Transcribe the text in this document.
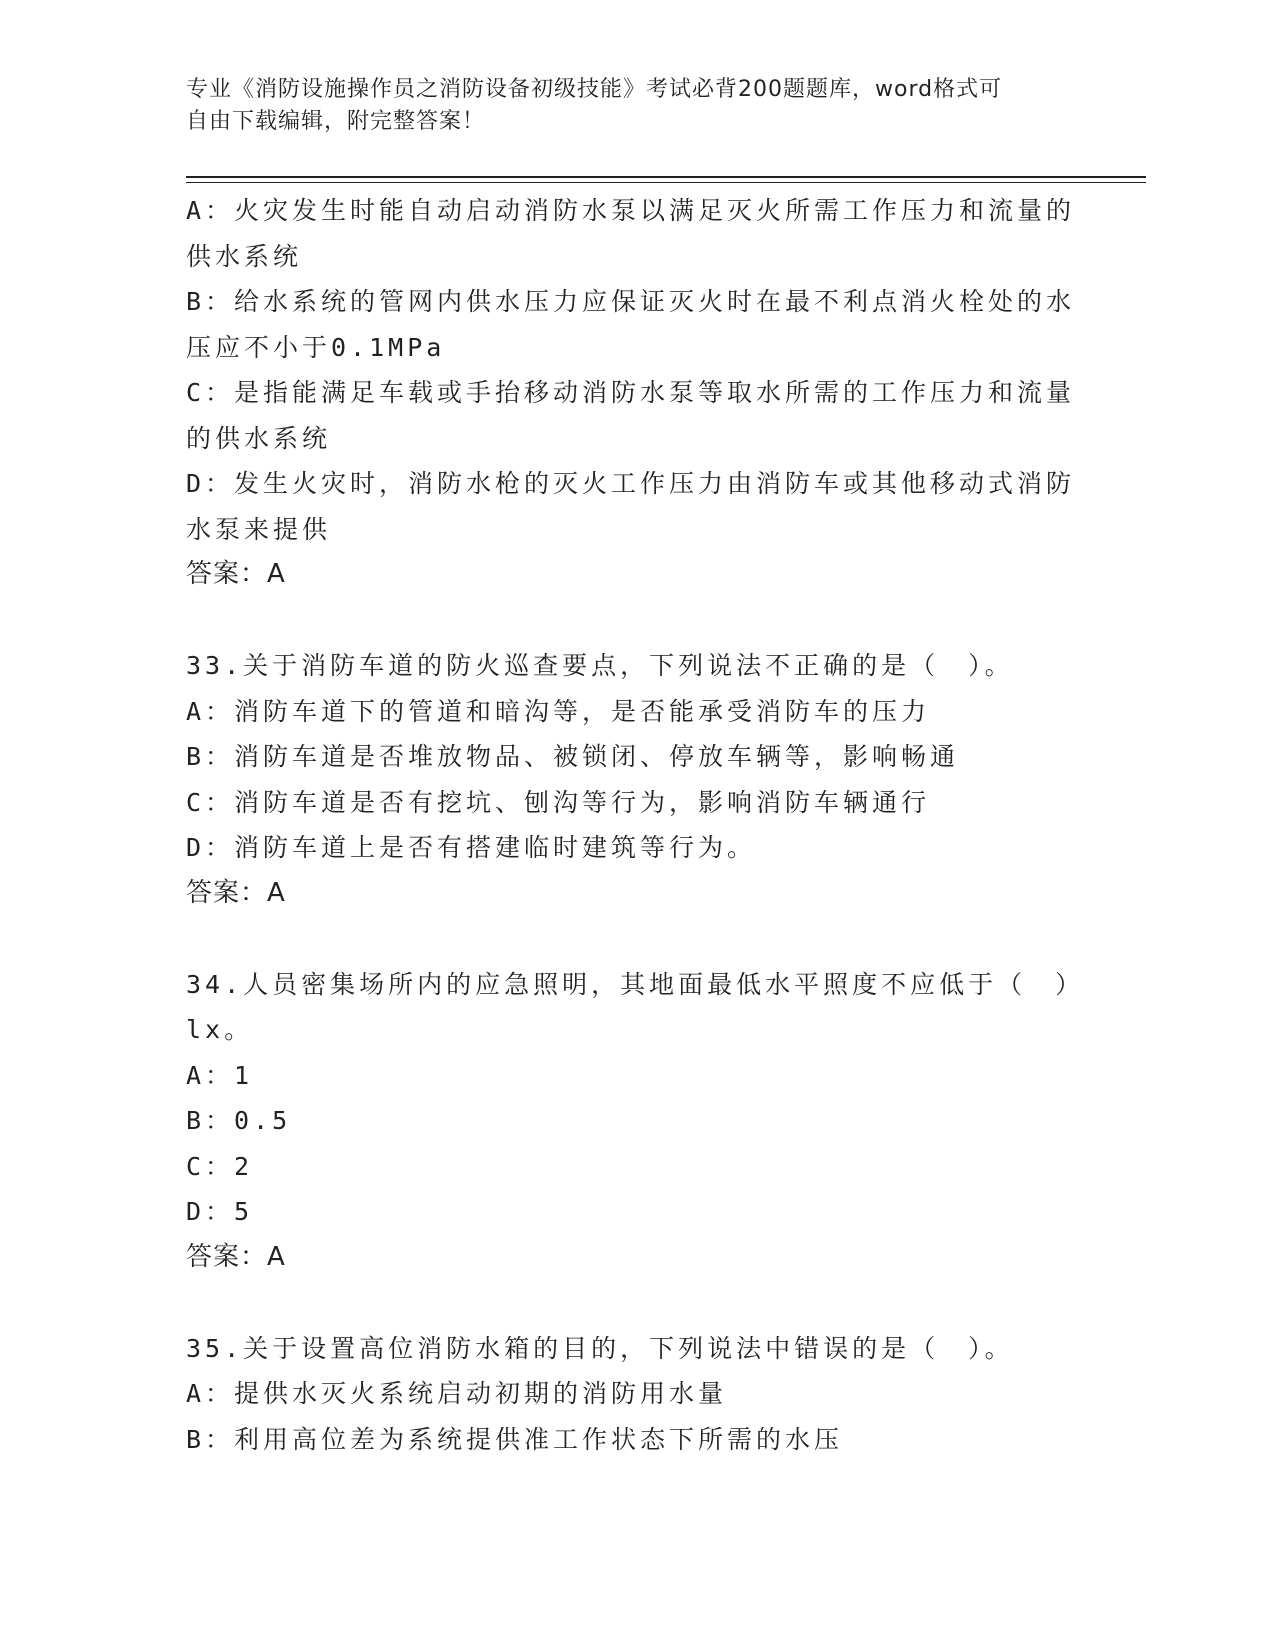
专业《消防设施操作员之消防设备初级技能》考试必背200题题库，word格式可
自由下载编辑，附完整答案！

A：火灾发生时能自动启动消防水泵以满足灭火所需工作压力和流量的供水系统

B：给水系统的管网内供水压力应保证灭火时在最不利点消火栓处的水压应不小于0.1MPa

C：是指能满足车载或手抬移动消防水泵等取水所需的工作压力和流量的供水系统

D：发生火灾时，消防水枪的灭火工作压力由消防车或其他移动式消防水泵来提供

答案：A

33.关于消防车道的防火巡查要点，下列说法不正确的是（　）。

A：消防车道下的管道和暗沟等，是否能承受消防车的压力

B：消防车道是否堆放物品、被锁闭、停放车辆等，影响畅通

C：消防车道是否有挖坑、刨沟等行为，影响消防车辆通行

D：消防车道上是否有搭建临时建筑等行为。

答案：A

34.人员密集场所内的应急照明，其地面最低水平照度不应低于（　）lx。

A：1

B：0.5

C：2

D：5

答案：A

35.关于设置高位消防水箱的目的，下列说法中错误的是（　）。

A：提供水灭火系统启动初期的消防用水量

B：利用高位差为系统提供准工作状态下所需的水压
